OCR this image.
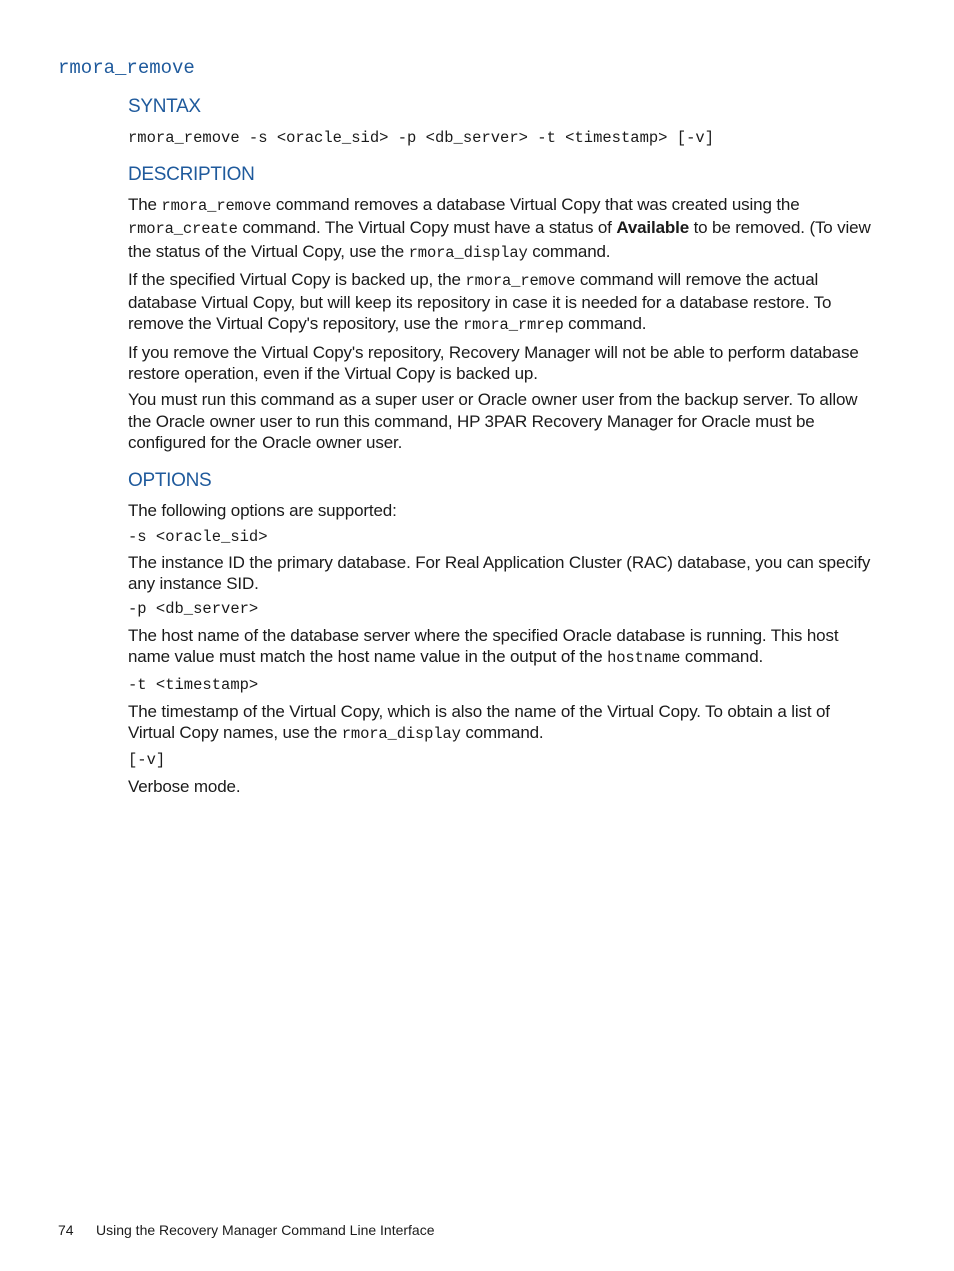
rmora_remove
SYNTAX
rmora_remove -s <oracle_sid> -p <db_server> -t <timestamp> [-v]
DESCRIPTION

The rmora_remove command removes a database Virtual Copy that was created using the rmora_create command. The Virtual Copy must have a status of Available to be removed. (To view the status of the Virtual Copy, use the rmora_display command.

If the specified Virtual Copy is backed up, the rmora_remove command will remove the actual database Virtual Copy, but will keep its repository in case it is needed for a database restore. To remove the Virtual Copy's repository, use the rmora_rmrep command.

If you remove the Virtual Copy's repository, Recovery Manager will not be able to perform database restore operation, even if the Virtual Copy is backed up.

You must run this command as a super user or Oracle owner user from the backup server. To allow the Oracle owner user to run this command, HP 3PAR Recovery Manager for Oracle must be configured for the Oracle owner user.

OPTIONS

The following options are supported:

-s <oracle_sid>

The instance ID the primary database. For Real Application Cluster (RAC) database, you can specify any instance SID.

-p <db_server>

The host name of the database server where the specified Oracle database is running. This host name value must match the host name value in the output of the hostname command.

-t <timestamp>

The timestamp of the Virtual Copy, which is also the name of the Virtual Copy. To obtain a list of Virtual Copy names, use the rmora_display command.

[-v]

Verbose mode.

74 Using the Recovery Manager Command Line Interface
